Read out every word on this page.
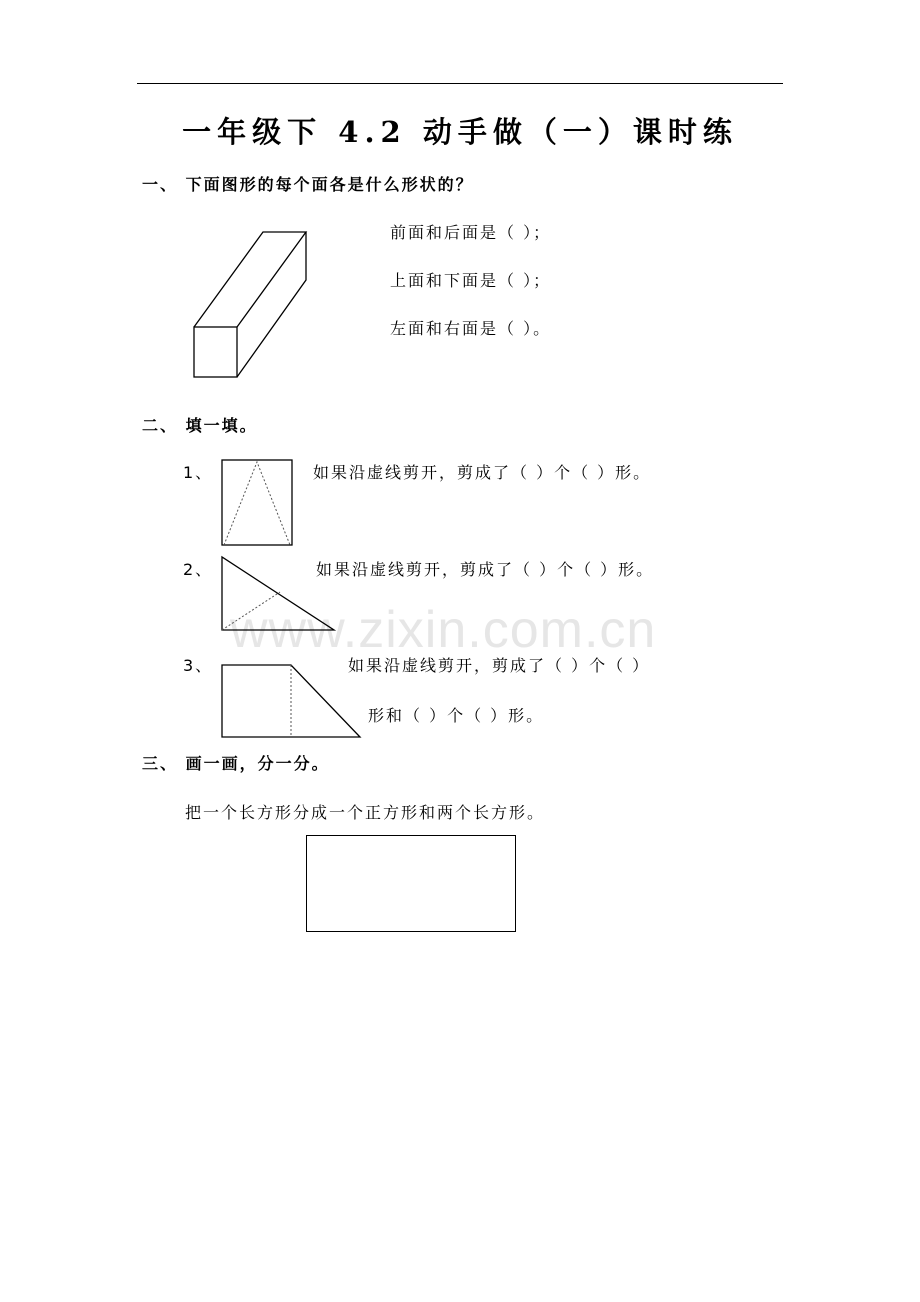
www.zixin.com.cn
一年级下 4.2 动手做（一）课时练
一、 下面图形的每个面各是什么形状的？
前面和后面是（ ）；
上面和下面是（ ）；
左面和右面是（ ）。
二、 填一填。
1、	如果沿虚线剪开，剪成了（ ）个（ ）形。
2、	如果沿虚线剪开，剪成了（ ）个（ ）形。
3、	如果沿虚线剪开，剪成了（ ）个（ ）
形和（ ）个（ ）形。
三、 画一画，分一分。
把一个长方形分成一个正方形和两个长方形。
